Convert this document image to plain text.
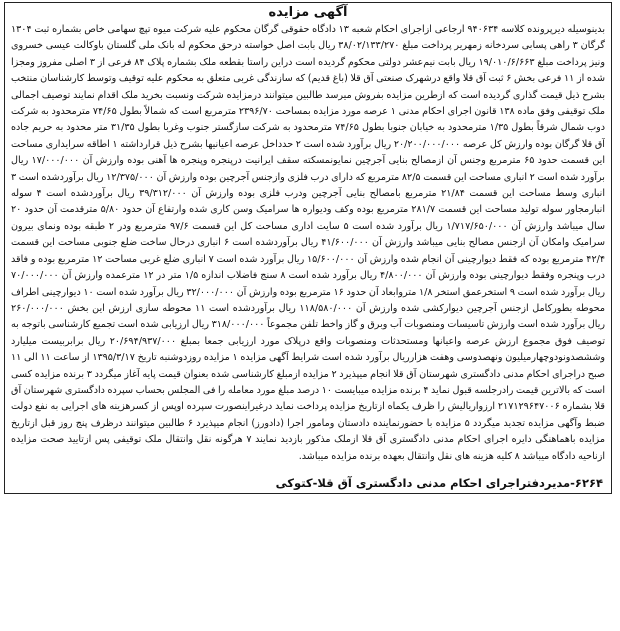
آگهی مزایده
بدینوسیله دیرپرونده کلاسه ۹۴۰۶۳۴ ارجاعی ازاجرای احکام شعبه ۱۳ دادگاه حقوقی گرگان محکوم علیه شرکت میوه تپچ سهامی خاص بشماره ثبت ۱۳۰۴ گرگان ۳ راهی پسابی سردخانه زمهریر پرداخت مبلغ ۳۸/۰۲/۱۳۳/۲۷۰ ریال بابت اصل خواسته درحق محکوم له بانک ملی گلستان باوکالت عیسی خسروی ونیز پرداخت مبلغ ۱۹/۰۱۰/۶/۶۶۳ ریال بابت نیم‌عشر دولتی محکوم گردیده است دراین راستا بقطعه ملک بشماره پلاک ۸۴ فرعی از ۳ اصلی مفروز ومجزا شده از ۱۱ فرعی بخش ۶ ثبت آق قلا واقع درشهرک صنعتی آق قلا (باغ قدیم) که سازندگی غربی متعلق به محکوم علیه توقیف وتوسط کارشناسان منتخب بشرح ذیل قیمت گذاری گردیده است که ازطرین مزایده بفروش میرسد طالبین میتوانند درمزایده شرکت ونسبت بخرید ملک اقدام نمایند توصیف اجمالی ملک توقیفی وفق ماده ۱۳۸ قانون اجرای احکام مدنی ۱ عرصه مورد مزایده بمساحت ۲۳۹۶/۷۰ مترمربع است که شمالاً بطول ۷۴/۶۵ مترمحدود به شرکت دوب شمال شرقاً بطول ۱/۳۵ مترمحدود به خیابان جنوبا بطول ۷۴/۶۵ مترمحدود به شرکت سازگستر جنوب وغربا بطول ۳۱/۳۵ متر محدود به حریم جاده آق قلا گرگان بوده وارزش کل عرصه ۲۰/۲۰۰/۰۰۰/۰۰۰ ریال برآورد شده است ۲ حدداخل عرصه اعیانیها بشرح ذیل قرارداشته ۱ اطاقه سرایداری مساحت این قسمت حدود ۶۵ مترمربع وجنس آن ازمصالح بنایی آجرچین نمایونمسکته سقف ایرانیت درپنجره وپنجره ها آهنی بوده وارزش آن ۱۷/۰۰۰/۰۰۰ ریال برآورد شده است ۲ انباری مساحت این قسمت ۸۲/۵ مترمربع که دارای درب فلزی وازجنس آجرچین بوده وارزش آن ۱۲/۳۷۵/۰۰۰ ریال برآوردشده است ۳ انباری وسط مساحت این قسمت ۲۱/۸۴ مترمربع بامصالح بنایی آجرچین ودرب فلزی بوده وارزش آن ۳۹/۳۱۲/۰۰۰ ریال برآوردشده است ۴ سوله انبارمجاور سوله تولید مساحت این قسمت ۲۸۱/۷ مترمربع بوده وکف ودیواره ها سرامیک وسن کاری شده وارتفاع آن حدود ۵/۸۰ مترقدمت آن حدود ۲۰ سال میباشد وارزش آن ۱/۷۱۷/۶۵۰/۰۰۰ ریال برآورد شده است ۵ سایت اداری مساحت کل این قسمت ۹۷/۶ مترمربع ودر ۲ طبقه بوده ونمای بیرون سرامیک وامکان آن ازجنس مصالح بنایی میباشد وارزش آن ۴۱/۶۰۰/۰۰۰ ریال برآوردشده است ۶ انباری درحال ساخت ضلع جنوبی مساحت این قسمت ۴۲/۴ مترمربع بوده که فقط دیوارچینی آن انجام شده وارزش آن ۱۵/۶۰۰/۰۰۰ ریال برآورد شده است ۷ انباری ضلع غربی مساحت ۱۲ مترمربع بوده و فاقد درب وپنجره وفقط دیوارچینی بوده وارزش آن ۴/۸۰۰/۰۰۰ ریال برآورد شده است ۸ سنج فاضلاب اندازه ۱/۵ متر در ۱۲ مترعمده وارزش آن ۷۰/۰۰۰/۰۰۰ ریال برآورد شده است ۹ استخرعمق استخر ۱/۸ متروابعاد آن حدود ۱۶ مترمربع بوده وارزش آن ۳۲/۰۰۰/۰۰۰ ریال برآورد شده است ۱۰ دیوارچینی اطراف محوطه بطورکامل ازجنس آجرچین دیوارکشی شده وارزش آن ۱۱۸/۵۸۰/۰۰۰ ریال برآوردشده است ۱۱ محوطه سازی ارزش این بخش ۲۶۰/۰۰۰/۰۰۰ ریال برآورد شده است وارزش تاسیسات ومنصوبات آب وبرق و گاز واخط تلفن مجموعاً ۳۱۸/۰۰۰/۰۰۰ ریال ارزیابی شده است تجمیع کارشناسی باتوجه به توصیف فوق مجموع ارزش عرصه واعیانها ومستحدثات ومنصوبات واقع درپلاک مورد ارزیابی جمعا بمبلغ ۲۰/۶۹۴/۹۳۷/۰۰۰ ریال برابربیست میلیارد وششصدونودوچهارمیلیون ونهصدوسی وهفت هزارریال برآورد شده است شرایط آگهی مزایده ۱ مزایده روزدوشنبه تاریخ ۱۳۹۵/۳/۱۷ از ساعت ۱۱ الی ۱۱ صبح دراجرای احکام مدنی دادگستری شهرستان آق قلا انجام میپذیرد ۲ مزایده ازمبلغ کارشناسی شده بعنوان قیمت پایه آغاز میگردد ۳ برنده مزایده کسی است که بالاترین قیمت رادرجلسه قبول نماید ۴ برنده مزایده میبایست ۱۰ درصد مبلغ مورد معامله را فی المجلس بحساب سپرده دادگستری شهرستان آق قلا بشماره ۲۱۷۱۲۹۶۴۷۰۰۶ ارزواریالیش را ظرف یکماه ازتاریخ مزایده پرداخت نماید درغیراینصورت سپرده اوپس از کسرهزینه های اجرایی به نفع دولت ضبط وآگهی مزایده تجدید میگردد ۵ مزایده با حضورنماینده دادستان ومامور اجرا (دادورز) انجام میپذیرد ۶ طالبین میتوانند درظرف پنج روز قبل ازتاریخ مزایده باهماهنگی دایره اجرای احکام مدنی دادگستری آق قلا ازملک مذکور بازدید نمایند ۷ هرگونه نقل وانتقال ملک توقیفی پس ازتایید صحت مزایده ازناحیه دادگاه میباشد ۸ کلیه هزینه های نقل وانتقال بعهده برنده مزایده میباشد.
۶۲۶۴-مدیردفتراجرای احکام مدنی دادگستری آق قلا-کتوکی
